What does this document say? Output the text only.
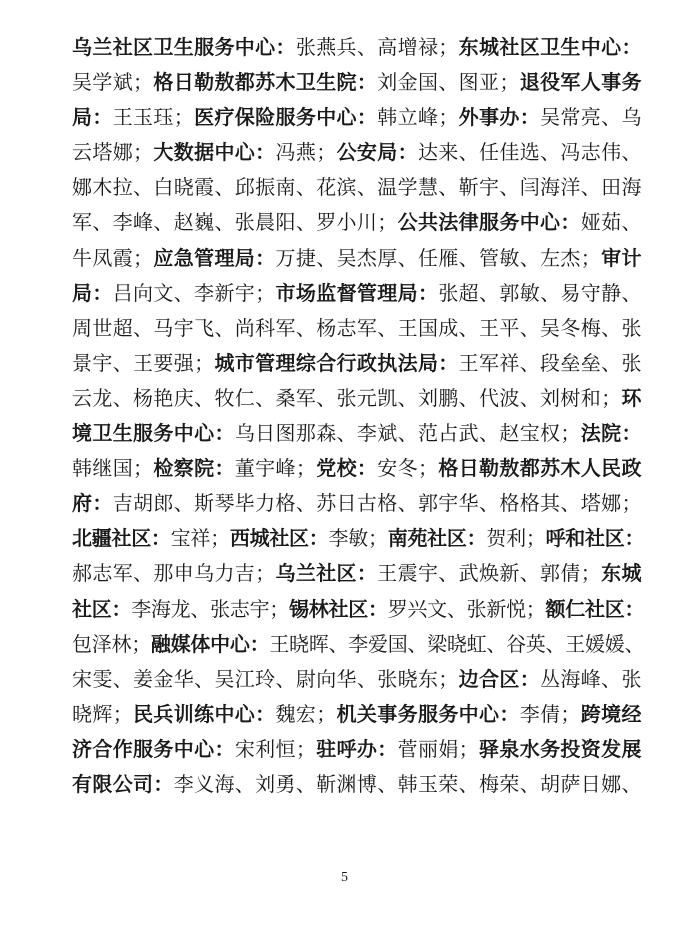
乌兰社区卫生服务中心：张燕兵、高增禄；东城社区卫生中心：
吴学斌；格日勒敖都苏木卫生院：刘金国、图亚；退役军人事务
局：王玉珏；医疗保险服务中心：韩立峰；外事办：吴常亮、乌
云塔娜；大数据中心：冯燕；公安局：达来、任佳选、冯志伟、
娜木拉、白晓霞、邱振南、花滨、温学慧、靳宇、闫海洋、田海
军、李峰、赵巍、张晨阳、罗小川；公共法律服务中心：娅茹、
牛凤霞；应急管理局：万捷、吴杰厚、任雁、管敏、左杰；审计
局：吕向文、李新宇；市场监督管理局：张超、郭敏、易守静、
周世超、马宇飞、尚科军、杨志军、王国成、王平、吴冬梅、张
景宇、王要强；城市管理综合行政执法局：王军祥、段垒垒、张
云龙、杨艳庆、牧仁、桑军、张元凯、刘鹏、代波、刘树和；环
境卫生服务中心：乌日图那森、李斌、范占武、赵宝权；法院：
韩继国；检察院：董宇峰；党校：安冬；格日勒敖都苏木人民政
府：吉胡郎、斯琴毕力格、苏日古格、郭宇华、格格其、塔娜；
北疆社区：宝祥；西城社区：李敏；南苑社区：贺利；呼和社区：
郝志军、那申乌力吉；乌兰社区：王震宇、武焕新、郭倩；东城
社区：李海龙、张志宇；锡林社区：罗兴文、张新悦；额仁社区：
包泽林；融媒体中心：王晓晖、李爱国、梁晓虹、谷英、王媛媛、
宋雯、姜金华、吴江玲、尉向华、张晓东；边合区：丛海峰、张
晓辉；民兵训练中心：魏宏；机关事务服务中心：李倩；跨境经
济合作服务中心：宋利恒；驻呼办：菅丽娟；驿泉水务投资发展
有限公司：李义海、刘勇、靳渊博、韩玉荣、梅荣、胡萨日娜、
5
